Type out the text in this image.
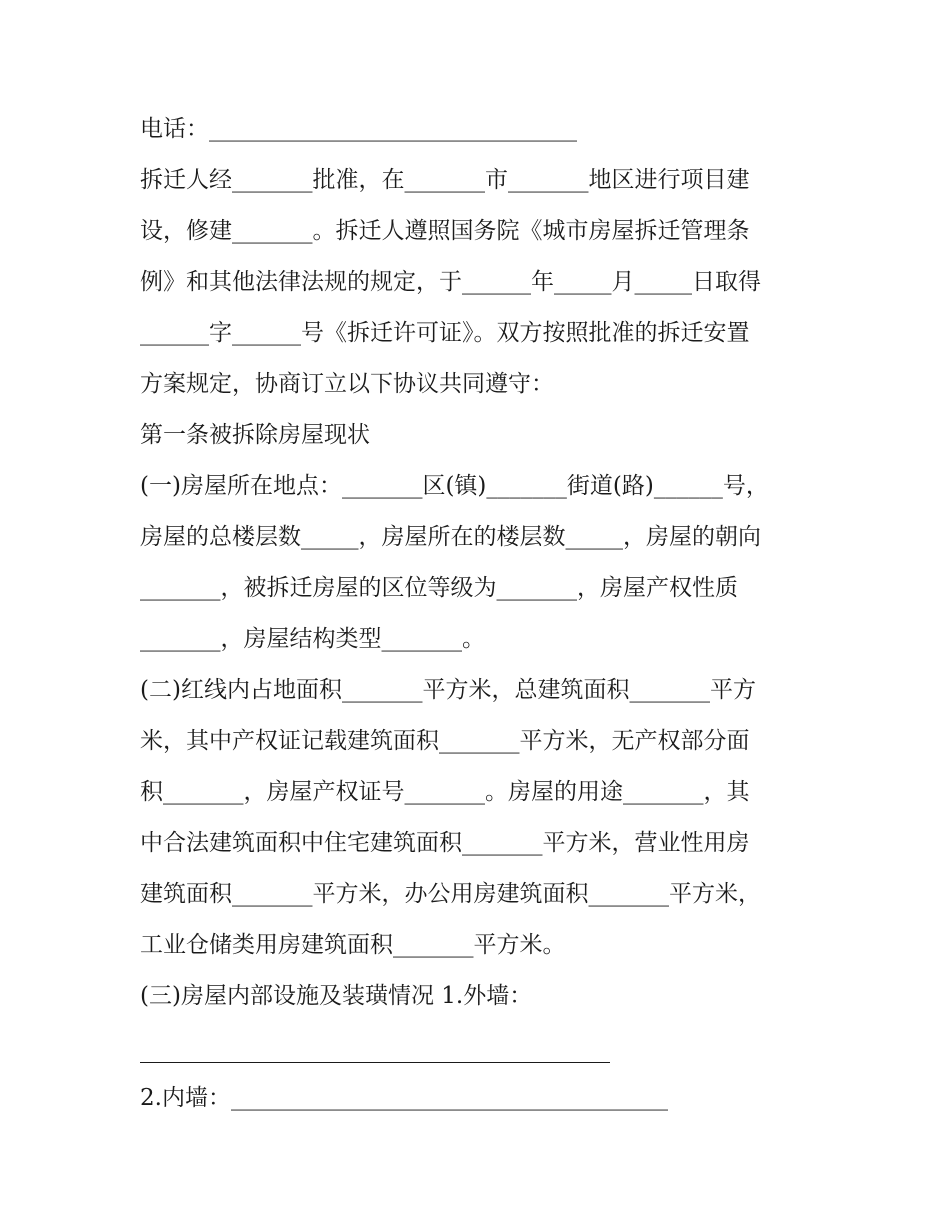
电话：________________________________
拆迁人经_______批准，在_______市_______地区进行项目建
设，修建_______。拆迁人遵照国务院《城市房屋拆迁管理条
例》和其他法律法规的规定，于______年_____月_____日取得
______字______号《拆迁许可证》。双方按照批准的拆迁安置
方案规定，协商订立以下协议共同遵守：
第一条被拆除房屋现状
(一)房屋所在地点：_______区(镇)_______街道(路)______号，
房屋的总楼层数_____，房屋所在的楼层数_____，房屋的朝向
_______，被拆迁房屋的区位等级为_______，房屋产权性质
_______，房屋结构类型_______。
(二)红线内占地面积_______平方米，总建筑面积_______平方
米，其中产权证记载建筑面积_______平方米，无产权部分面
积_______，房屋产权证号_______。房屋的用途_______，其
中合法建筑面积中住宅建筑面积_______平方米，营业性用房
建筑面积_______平方米，办公用房建筑面积_______平方米，
工业仓储类用房建筑面积_______平方米。
(三)房屋内部设施及装璜情况 1.外墙：
2.内墙：______________________________________
